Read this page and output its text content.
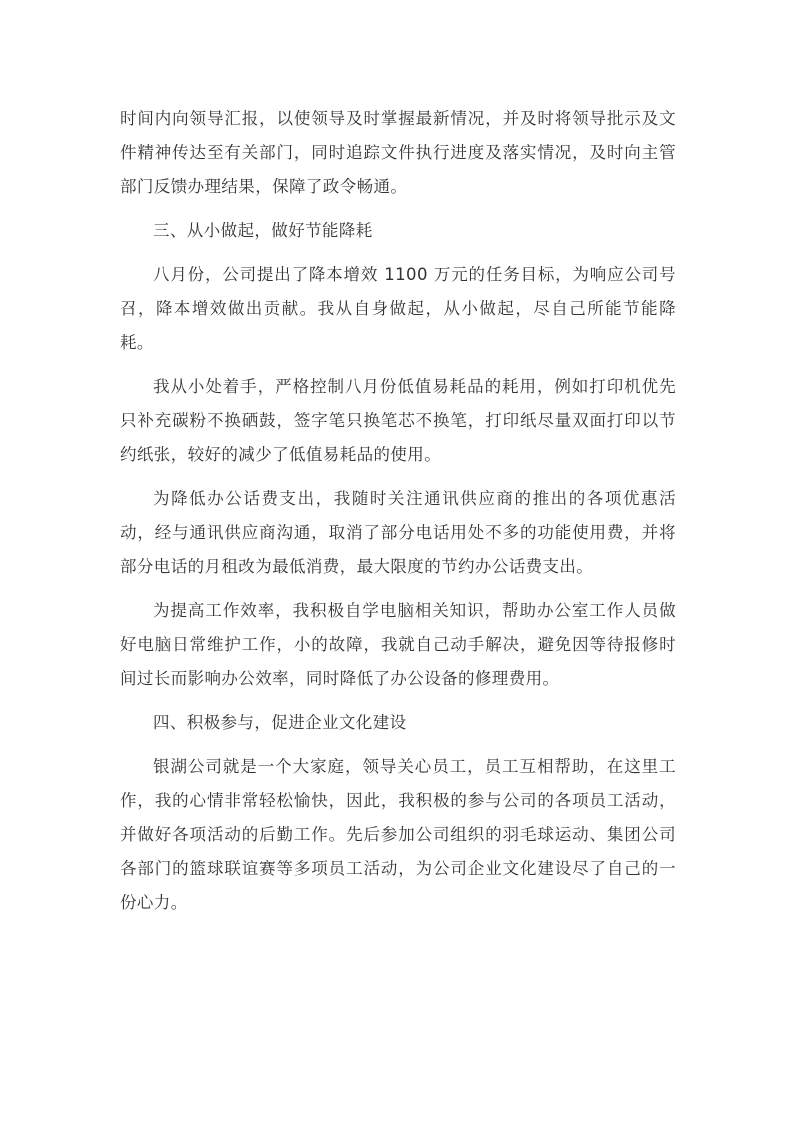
时间内向领导汇报，以使领导及时掌握最新情况，并及时将领导批示及文件精神传达至有关部门，同时追踪文件执行进度及落实情况，及时向主管部门反馈办理结果，保障了政令畅通。

三、从小做起，做好节能降耗

八月份，公司提出了降本增效 1100 万元的任务目标，为响应公司号召，降本增效做出贡献。我从自身做起，从小做起，尽自己所能节能降耗。

我从小处着手，严格控制八月份低值易耗品的耗用，例如打印机优先只补充碳粉不换硒鼓，签字笔只换笔芯不换笔，打印纸尽量双面打印以节约纸张，较好的减少了低值易耗品的使用。

为降低办公话费支出，我随时关注通讯供应商的推出的各项优惠活动，经与通讯供应商沟通，取消了部分电话用处不多的功能使用费，并将部分电话的月租改为最低消费，最大限度的节约办公话费支出。

为提高工作效率，我积极自学电脑相关知识，帮助办公室工作人员做好电脑日常维护工作，小的故障，我就自己动手解决，避免因等待报修时间过长而影响办公效率，同时降低了办公设备的修理费用。

四、积极参与，促进企业文化建设

银湖公司就是一个大家庭，领导关心员工，员工互相帮助，在这里工作，我的心情非常轻松愉快，因此，我积极的参与公司的各项员工活动，并做好各项活动的后勤工作。先后参加公司组织的羽毛球运动、集团公司各部门的篮球联谊赛等多项员工活动，为公司企业文化建设尽了自己的一份心力。
